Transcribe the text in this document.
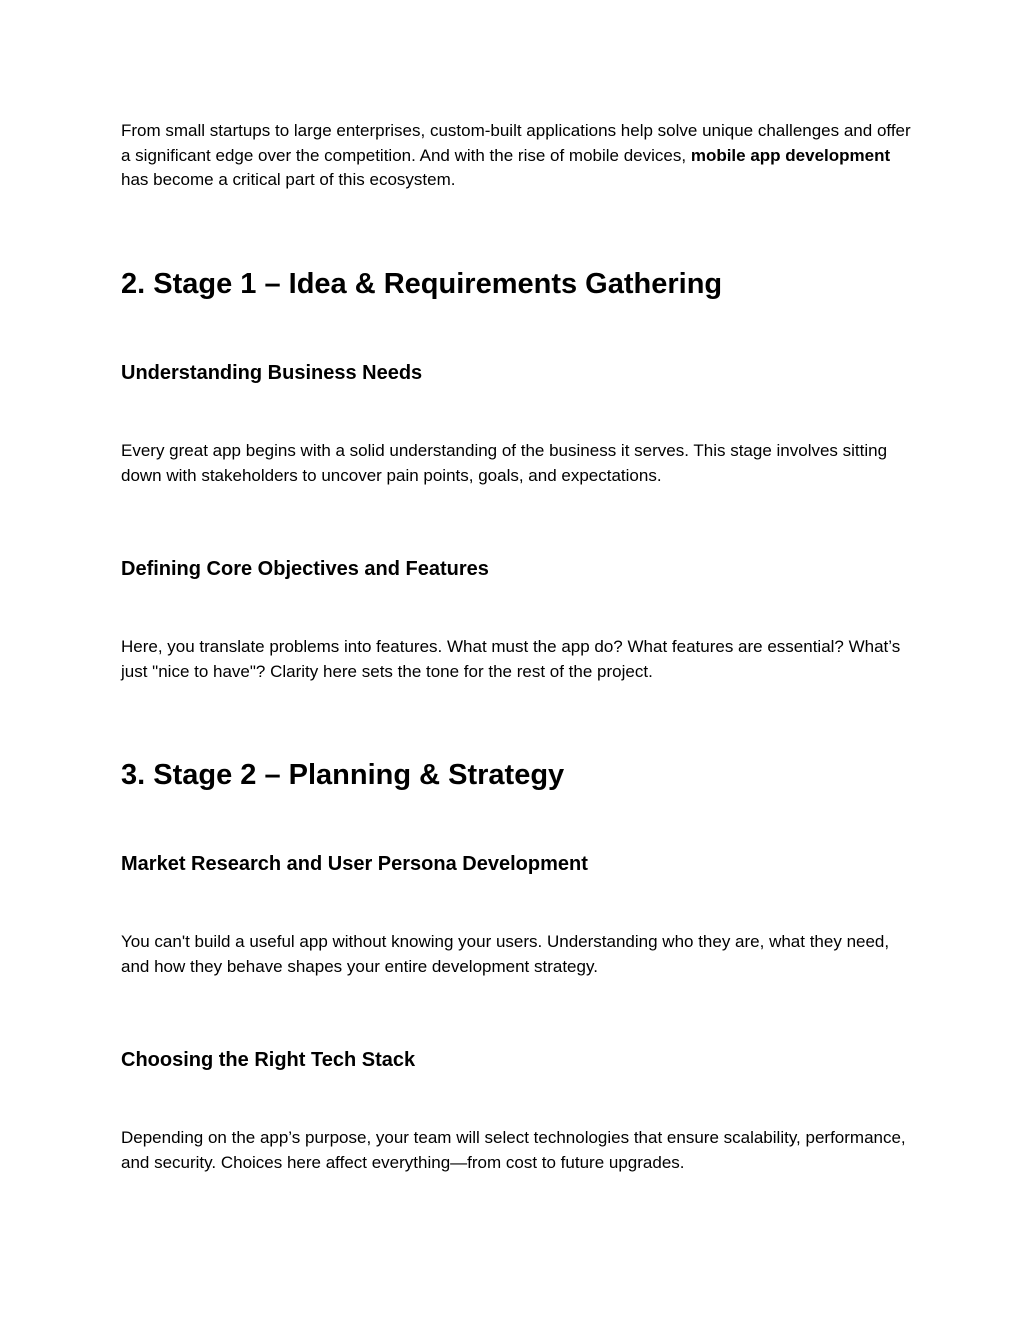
From small startups to large enterprises, custom-built applications help solve unique challenges and offer a significant edge over the competition. And with the rise of mobile devices, mobile app development has become a critical part of this ecosystem.

2. Stage 1 – Idea & Requirements Gathering
Understanding Business Needs

Every great app begins with a solid understanding of the business it serves. This stage involves sitting down with stakeholders to uncover pain points, goals, and expectations.

Defining Core Objectives and Features

Here, you translate problems into features. What must the app do? What features are essential? What’s just "nice to have"? Clarity here sets the tone for the rest of the project.

3. Stage 2 – Planning & Strategy
Market Research and User Persona Development

You can't build a useful app without knowing your users. Understanding who they are, what they need, and how they behave shapes your entire development strategy.

Choosing the Right Tech Stack

Depending on the app’s purpose, your team will select technologies that ensure scalability, performance, and security. Choices here affect everything—from cost to future upgrades.
